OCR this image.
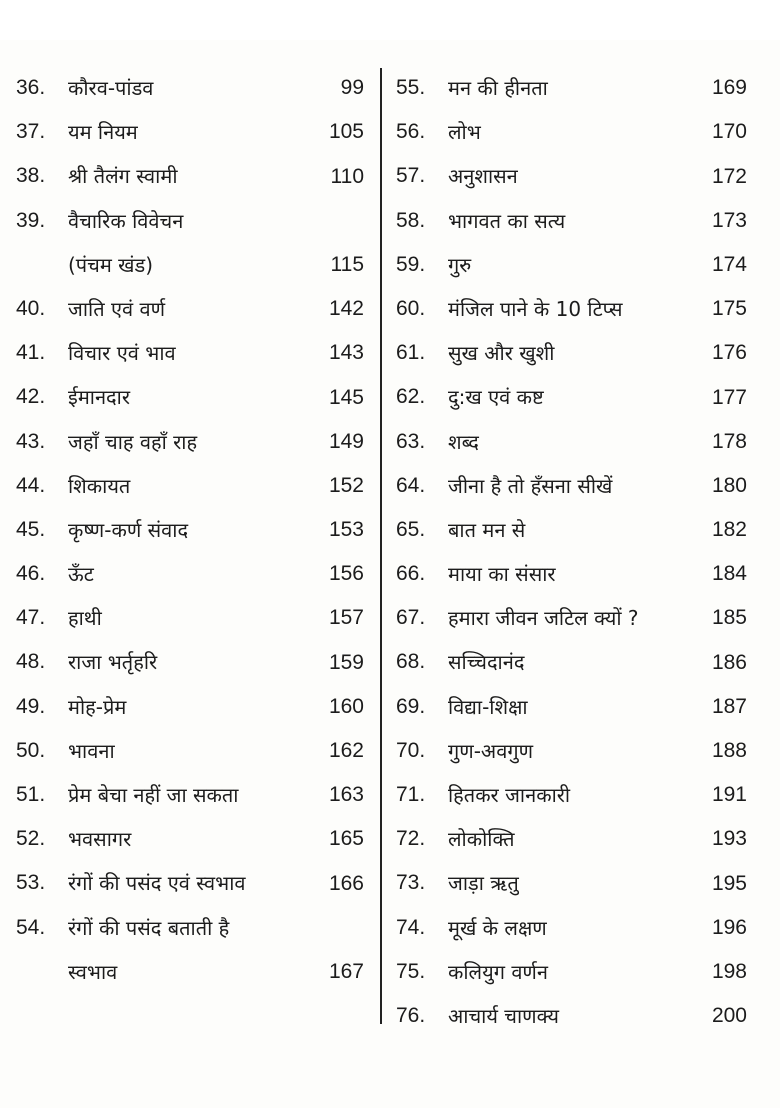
36. कौरव-पांडव	99
37. यम नियम	105
38. श्री तैलंग स्वामी	110
39. वैचारिक विवेचन
(पंचम खंड)	115
40. जाति एवं वर्ण	142
41. विचार एवं भाव	143
42. ईमानदार	145
43. जहाँ चाह वहाँ राह	149
44. शिकायत	152
45. कृष्ण-कर्ण संवाद	153
46. ऊँट	156
47. हाथी	157
48. राजा भर्तृहरि	159
49. मोह-प्रेम	160
50. भावना	162
51. प्रेम बेचा नहीं जा सकता	163
52. भवसागर	165
53. रंगों की पसंद एवं स्वभाव	166
54. रंगों की पसंद बताती है
स्वभाव	167
55. मन की हीनता	169
56. लोभ	170
57. अनुशासन	172
58. भागवत का सत्य	173
59. गुरु	174
60. मंजिल पाने के 10 टिप्स	175
61. सुख और खुशी	176
62. दु:ख एवं कष्ट	177
63. शब्द	178
64. जीना है तो हँसना सीखें	180
65. बात मन से	182
66. माया का संसार	184
67. हमारा जीवन जटिल क्यों ?	185
68. सच्चिदानंद	186
69. विद्या-शिक्षा	187
70. गुण-अवगुण	188
71. हितकर जानकारी	191
72. लोकोक्ति	193
73. जाड़ा ऋतु	195
74. मूर्ख के लक्षण	196
75. कलियुग वर्णन	198
76. आचार्य चाणक्य	200
